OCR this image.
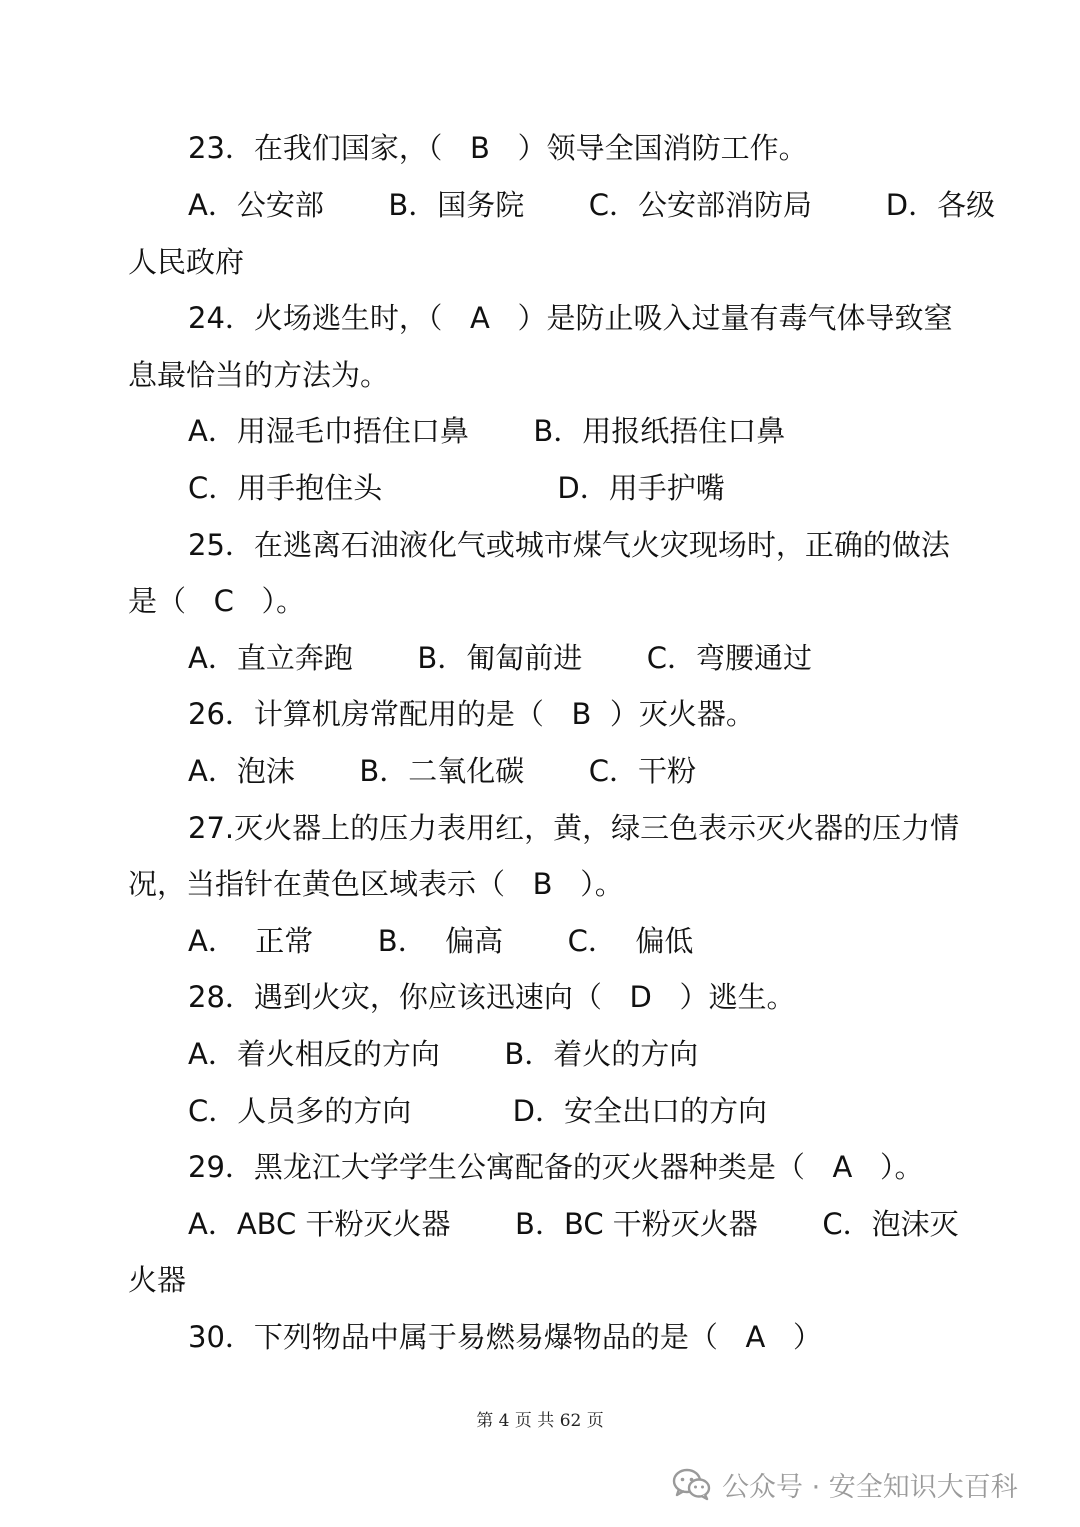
23．在我们国家，（   B   ）领导全国消防工作。
A．公安部       B．国务院       C．公安部消防局        D．各级
人民政府
24．火场逃生时，（   A   ）是防止吸入过量有毒气体导致窒
息最恰当的方法为。
A．用湿毛巾捂住口鼻       B．用报纸捂住口鼻
C．用手抱住头                   D．用手护嘴
25．在逃离石油液化气或城市煤气火灾现场时，正确的做法
是（   C   ）。
A．直立奔跑       B．匍匐前进       C．弯腰通过
26．计算机房常配用的是（   B  ）灭火器。
A．泡沫       B．二氧化碳       C．干粉
27.灭火器上的压力表用红，黄，绿三色表示灭火器的压力情
况，当指针在黄色区域表示（   B   ）。
A．  正常       B．  偏高       C．  偏低
28．遇到火灾，你应该迅速向（   D   ）逃生。
A．着火相反的方向       B．着火的方向
C．人员多的方向           D．安全出口的方向
29．黑龙江大学学生公寓配备的灭火器种类是（   A   ）。
A．ABC 干粉灭火器       B．BC 干粉灭火器       C．泡沫灭
火器
30．下列物品中属于易燃易爆物品的是（   A   ）
第 4 页 共 62 页
公众号 · 安全知识大百科
